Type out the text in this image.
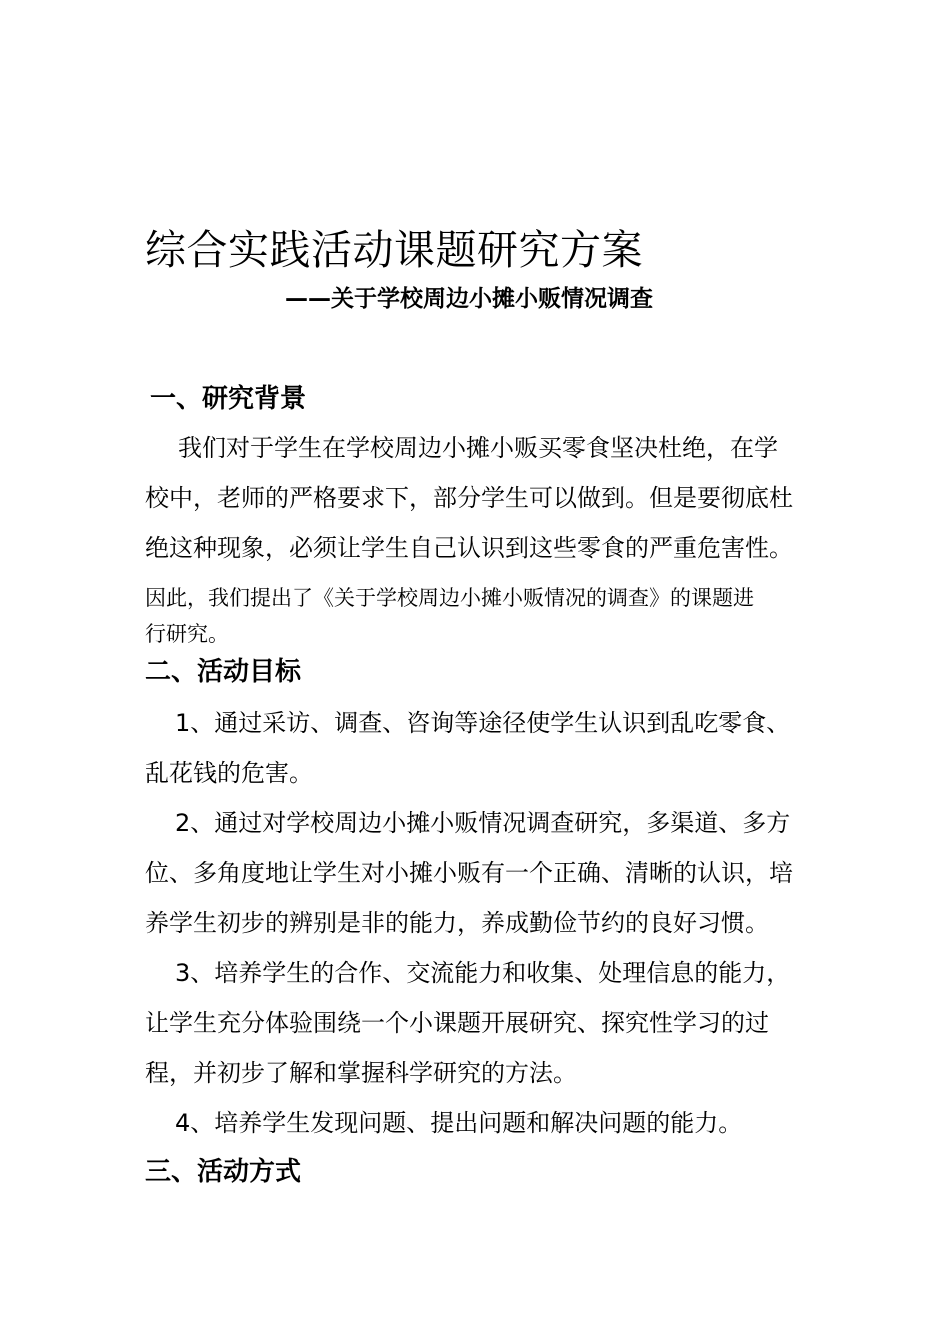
综合实践活动课题研究方案
——关于学校周边小摊小贩情况调查
一、研究背景
我们对于学生在学校周边小摊小贩买零食坚决杜绝，在学
校中，老师的严格要求下，部分学生可以做到。但是要彻底杜
绝这种现象，必须让学生自己认识到这些零食的严重危害性。
因此，我们提出了《关于学校周边小摊小贩情况的调查》的课题进
行研究。
二、活动目标
1、通过采访、调查、咨询等途径使学生认识到乱吃零食、
乱花钱的危害。
2、通过对学校周边小摊小贩情况调查研究，多渠道、多方
位、多角度地让学生对小摊小贩有一个正确、清晰的认识，培
养学生初步的辨别是非的能力，养成勤俭节约的良好习惯。
3、培养学生的合作、交流能力和收集、处理信息的能力，
让学生充分体验围绕一个小课题开展研究、探究性学习的过
程，并初步了解和掌握科学研究的方法。
4、培养学生发现问题、提出问题和解决问题的能力。
三、活动方式
